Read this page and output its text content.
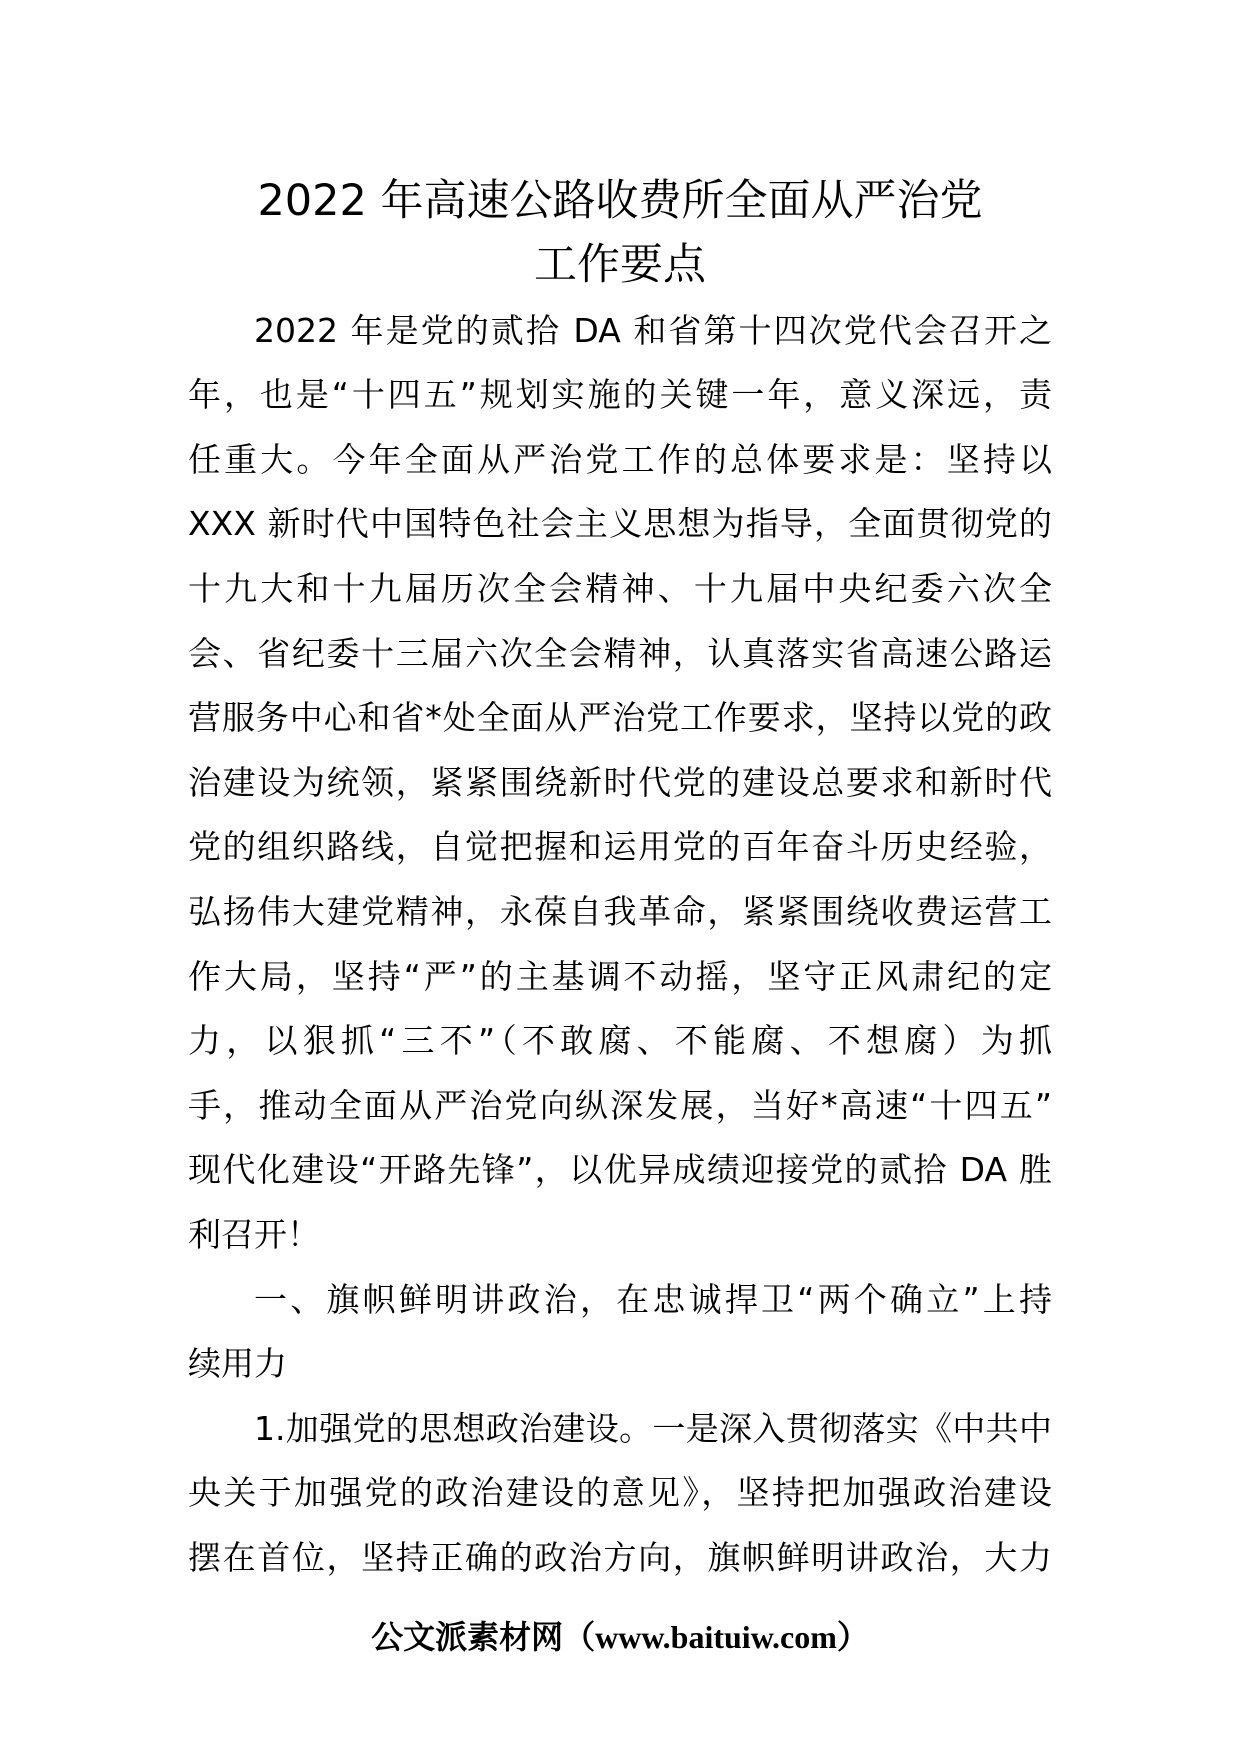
2022 年高速公路收费所全面从严治党
工作要点
2022 年是党的贰拾 DA 和省第十四次党代会召开之
年，也是“十四五”规划实施的关键一年，意义深远，责
任重大。今年全面从严治党工作的总体要求是：坚持以
XXX 新时代中国特色社会主义思想为指导，全面贯彻党的
十九大和十九届历次全会精神、十九届中央纪委六次全
会、省纪委十三届六次全会精神，认真落实省高速公路运
营服务中心和省*处全面从严治党工作要求，坚持以党的政
治建设为统领，紧紧围绕新时代党的建设总要求和新时代
党的组织路线，自觉把握和运用党的百年奋斗历史经验，
弘扬伟大建党精神，永葆自我革命，紧紧围绕收费运营工
作大局，坚持“严”的主基调不动摇，坚守正风肃纪的定
力，以狠抓“三不”（不敢腐、不能腐、不想腐）为抓
手，推动全面从严治党向纵深发展，当好*高速“十四五”
现代化建设“开路先锋”，以优异成绩迎接党的贰拾 DA 胜
利召开！
一、旗帜鲜明讲政治，在忠诚捍卫“两个确立”上持
续用力
1.加强党的思想政治建设。一是深入贯彻落实《中共中
央关于加强党的政治建设的意见》，坚持把加强政治建设
摆在首位，坚持正确的政治方向，旗帜鲜明讲政治，大力
公文派素材网（www.baituiw.com）
